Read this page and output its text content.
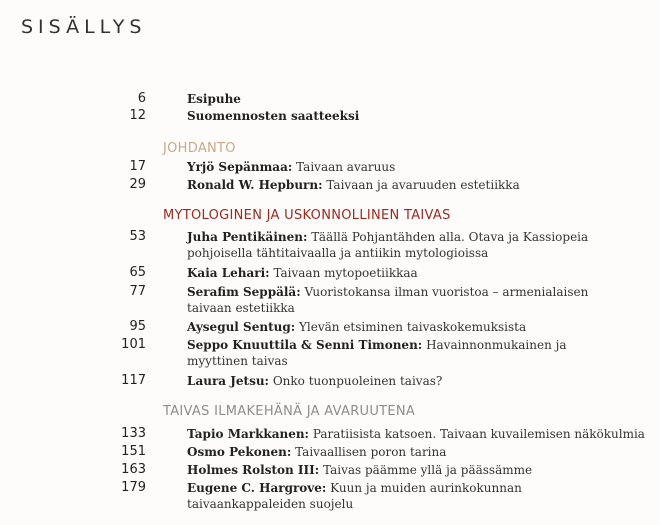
SISÄLLYS
6	Esipuhe
12	Suomennosten saatteeksi
JOHDANTO
17	Yrjö Sepänmaa: Taivaan avaruus
29	Ronald W. Hepburn: Taivaan ja avaruuden estetiikka
MYTOLOGINEN JA USKONNOLLINEN TAIVAS
53	Juha Pentikäinen: Täällä Pohjantähden alla. Otava ja Kassiopeia
pohjoisella tähtitaivaalla ja antiikin mytologioissa
65	Kaia Lehari: Taivaan mytopoetiikkaa
77	Serafim Seppälä: Vuoristokansa ilman vuoristoa – armenialaisen
taivaan estetiikka
95	Aysegul Sentug: Ylevän etsiminen taivaskokemuksista
101	Seppo Knuuttila & Senni Timonen: Havainnonmukainen ja
myyttinen taivas
117	Laura Jetsu: Onko tuonpuoleinen taivas?
TAIVAS ILMAKEHÄNÄ JA AVARUUTENA
133	Tapio Markkanen: Paratiisista katsoen. Taivaan kuvailemisen näkökulmia
151	Osmo Pekonen: Taivaallisen poron tarina
163	Holmes Rolston III: Taivas päämme yllä ja päässämme
179	Eugene C. Hargrove: Kuun ja muiden aurinkokunnan
taivaankappaleiden suojelu
